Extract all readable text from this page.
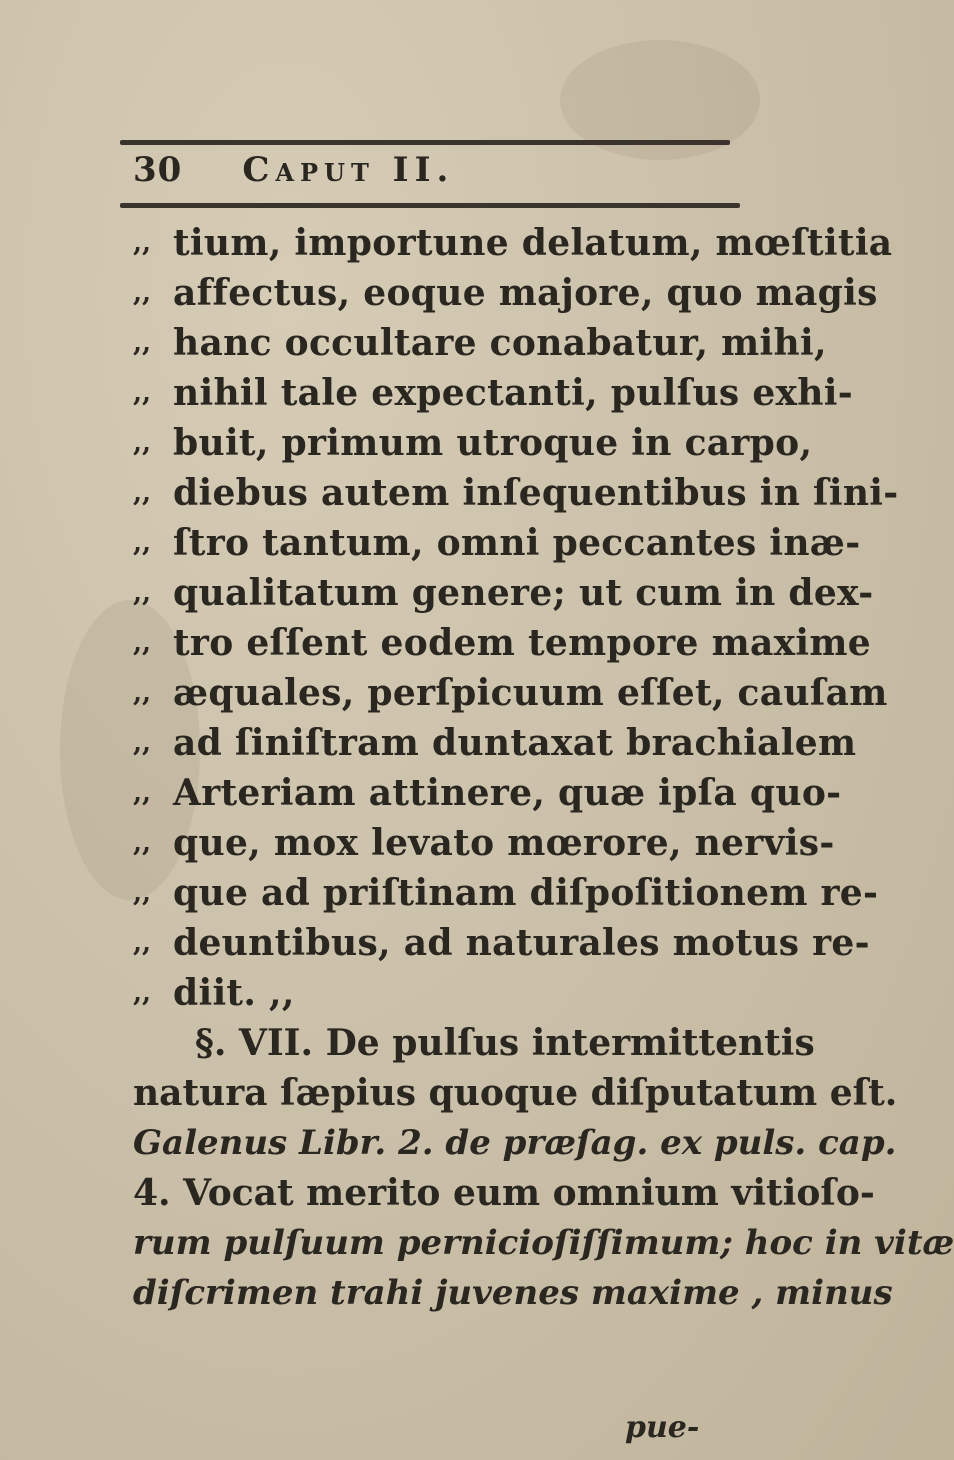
30 Caput II.
,, tium, importune delatum, mœſtitia
,, affectus, eoque majore, quo magis
,, hanc occultare conabatur, mihi,
,, nihil tale expectanti, pulſus exhi-
,, buit, primum utroque in carpo,
,, diebus autem inſequentibus in ſini-
,, ſtro tantum, omni peccantes inæ-
,, qualitatum genere; ut cum in dex-
,, tro eſſent eodem tempore maxime
,, æquales, perſpicuum eſſet, cauſam
,, ad ſiniſtram duntaxat brachialem
,, Arteriam attinere, quæ ipſa quo-
,, que, mox levato mœrore, nervis-
,, que ad priſtinam diſpoſitionem re-
,, deuntibus, ad naturales motus re-
,, diit. ,,
§. VII. De pulſus intermittentis
natura ſæpius quoque diſputatum eſt.
Galenus Libr. 2. de præſag. ex puls. cap.
4. Vocat merito eum omnium vitioſo-
rum pulſuum pernicioſiſſimum; hoc in vitæ
diſcrimen trahi juvenes maxime , minus
pue-
